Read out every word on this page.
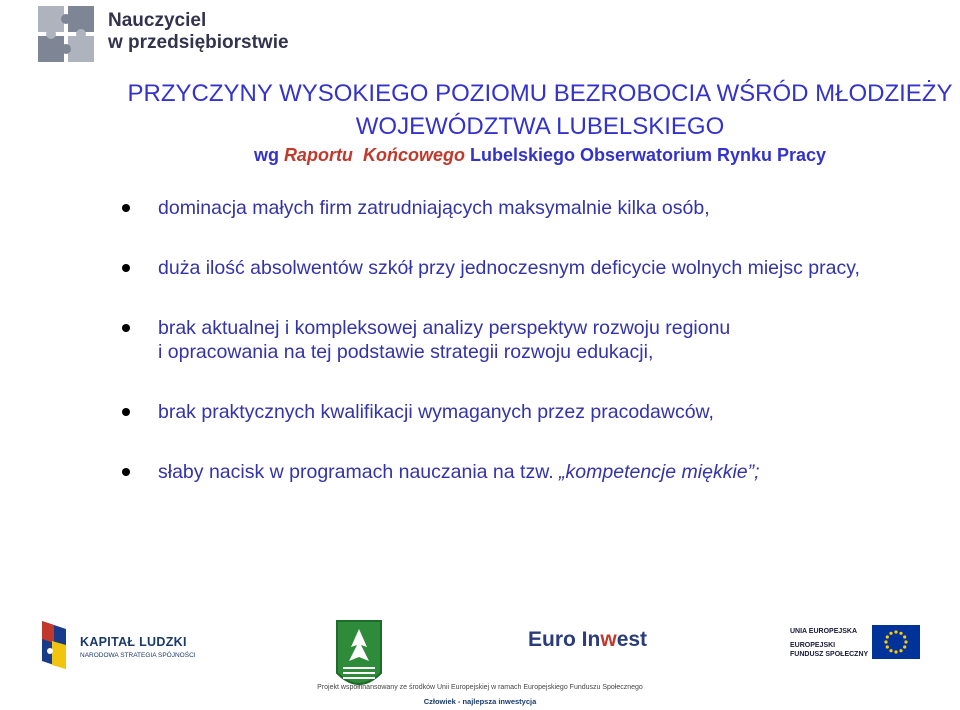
Nauczyciel
w przedsiębiorstwie
PRZYCZYNY WYSOKIEGO POZIOMU BEZROBOCIA WŚRÓD MŁODZIEŻY
WOJEWÓDZTWA LUBELSKIEGO
wg Raportu Końcowego Lubelskiego Obserwatorium Rynku Pracy
dominacja małych firm zatrudniających maksymalnie kilka osób,
duża ilość absolwentów szkół przy jednoczesnym deficycie wolnych miejsc pracy,
brak aktualnej i kompleksowej analizy perspektyw rozwoju regionu
i opracowania na tej podstawie strategii rozwoju edukacji,
brak praktycznych kwalifikacji wymaganych przez pracodawców,
słaby nacisk w programach nauczania na tzw. „kompetencje miękkie”;
KAPITAŁ LUDZKI
NARODOWA STRATEGIA SPÓJNOŚCI
Euro Inwest	UNIA EUROPEJSKA
EUROPEJSKI
FUNDUSZ SPOŁECZNY
Projekt współfinansowany ze środków Unii Europejskiej w ramach Europejskiego Funduszu Społecznego
Człowiek - najlepsza inwestycja
